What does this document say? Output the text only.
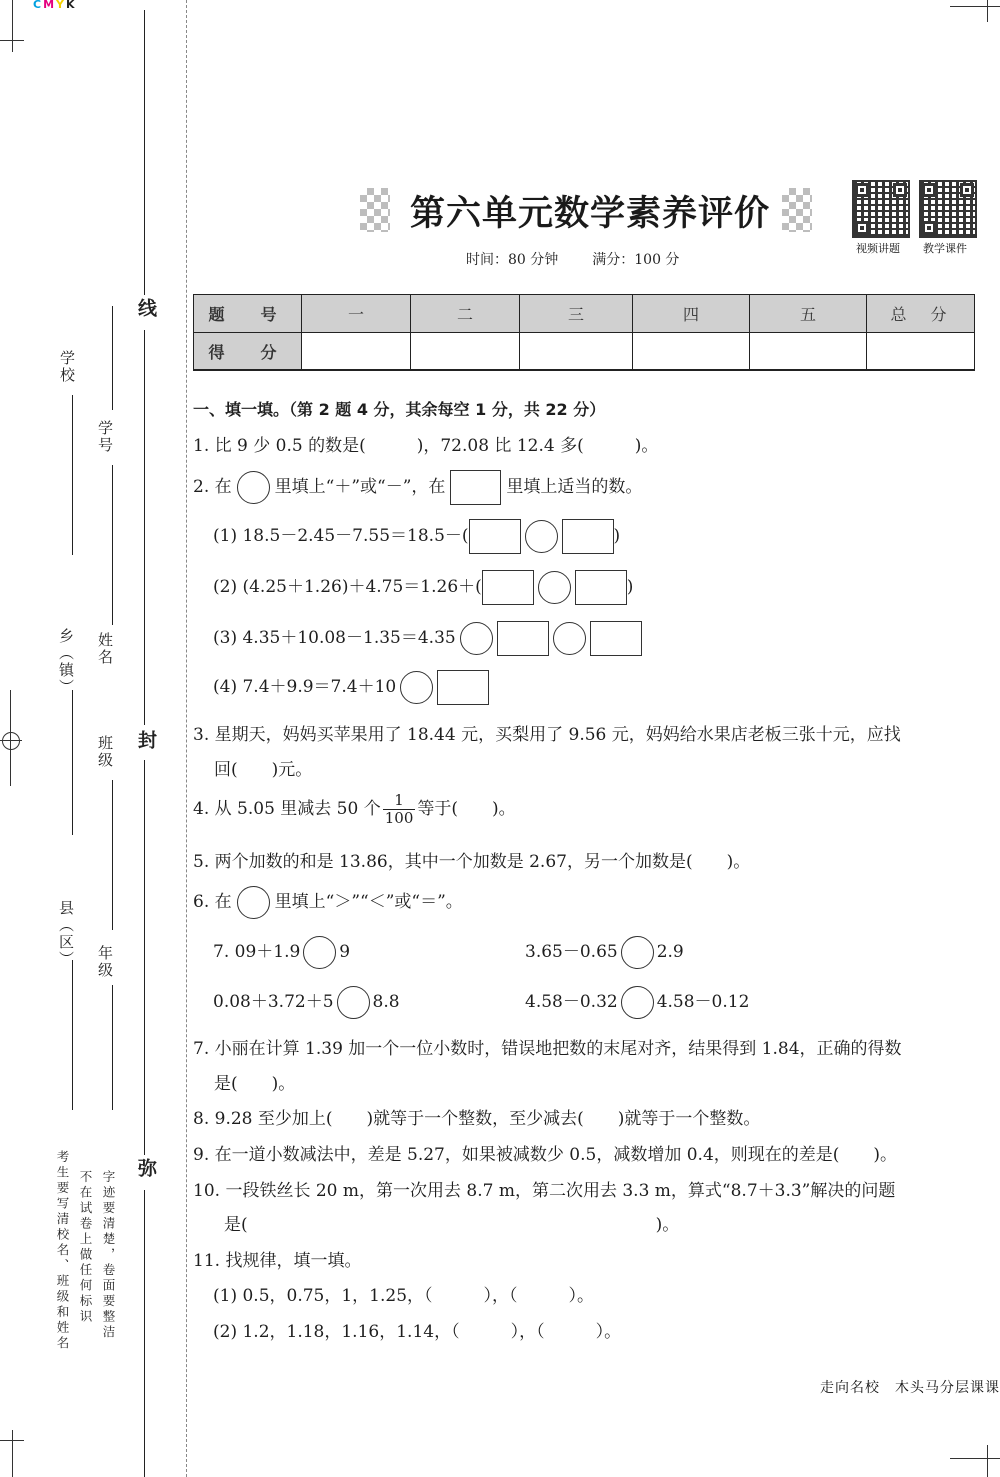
CMYK
线
封
弥
学校
学号
乡（镇） 姓名
班级
县（区） 年级
考生要写清校名、班级和姓名 不在试卷上做任何标识 字迹要清楚，卷面要整洁
第六单元数学素养评价
视频讲题 教学课件
时间：80 分钟 满分：100 分
题　号	一	二	三	四	五	总　分
得　分						
一、填一填。（第 2 题 4 分，其余每空 1 分，共 22 分）
1. 比 9 少 0.5 的数是(　　　)，72.08 比 12.4 多(　　　)。
2. 在	里填上“＋”或“－”，在	里填上适当的数。
(1) 18.5－2.45－7.55＝18.5－(	)
(2) (4.25＋1.26)＋4.75＝1.26＋(	)
(3) 4.35＋10.08－1.35＝4.35
(4) 7.4＋9.9＝7.4＋10
3. 星期天，妈妈买苹果用了 18.44 元，买梨用了 9.56 元，妈妈给水果店老板三张十元，应找
回(　　)元。
4. 从 5.05 里减去 50 个 $\frac{1}{100}$ 等于(　　)。
5. 两个加数的和是 13.86，其中一个加数是 2.67，另一个加数是(　　)。
6. 在	里填上“＞”“＜”或“＝”。
7. 09＋1.9 9	3.65－0.65 2.9
0.08＋3.72＋5 8.8	4.58－0.32 4.58－0.12
7. 小丽在计算 1.39 加一个一位小数时，错误地把数的末尾对齐，结果得到 1.84，正确的得数
是(　　)。
8. 9.28 至少加上(　　)就等于一个整数，至少减去(　　)就等于一个整数。
9. 在一道小数减法中，差是 5.27，如果被减数少 0.5，减数增加 0.4，则现在的差是(　　)。
10. 一段铁丝长 20 m，第一次用去 8.7 m，第二次用去 3.3 m，算式“8.7＋3.3”解决的问题
是(　　　　　　　　　　　　　　　　　　　　　　　　)。
11. 找规律，填一填。
(1) 0.5，0.75，1，1.25，（　　　），（　　　）。
(2) 1.2，1.18，1.16，1.14，（　　　），（　　　）。
走向名校　木头马分层课课
